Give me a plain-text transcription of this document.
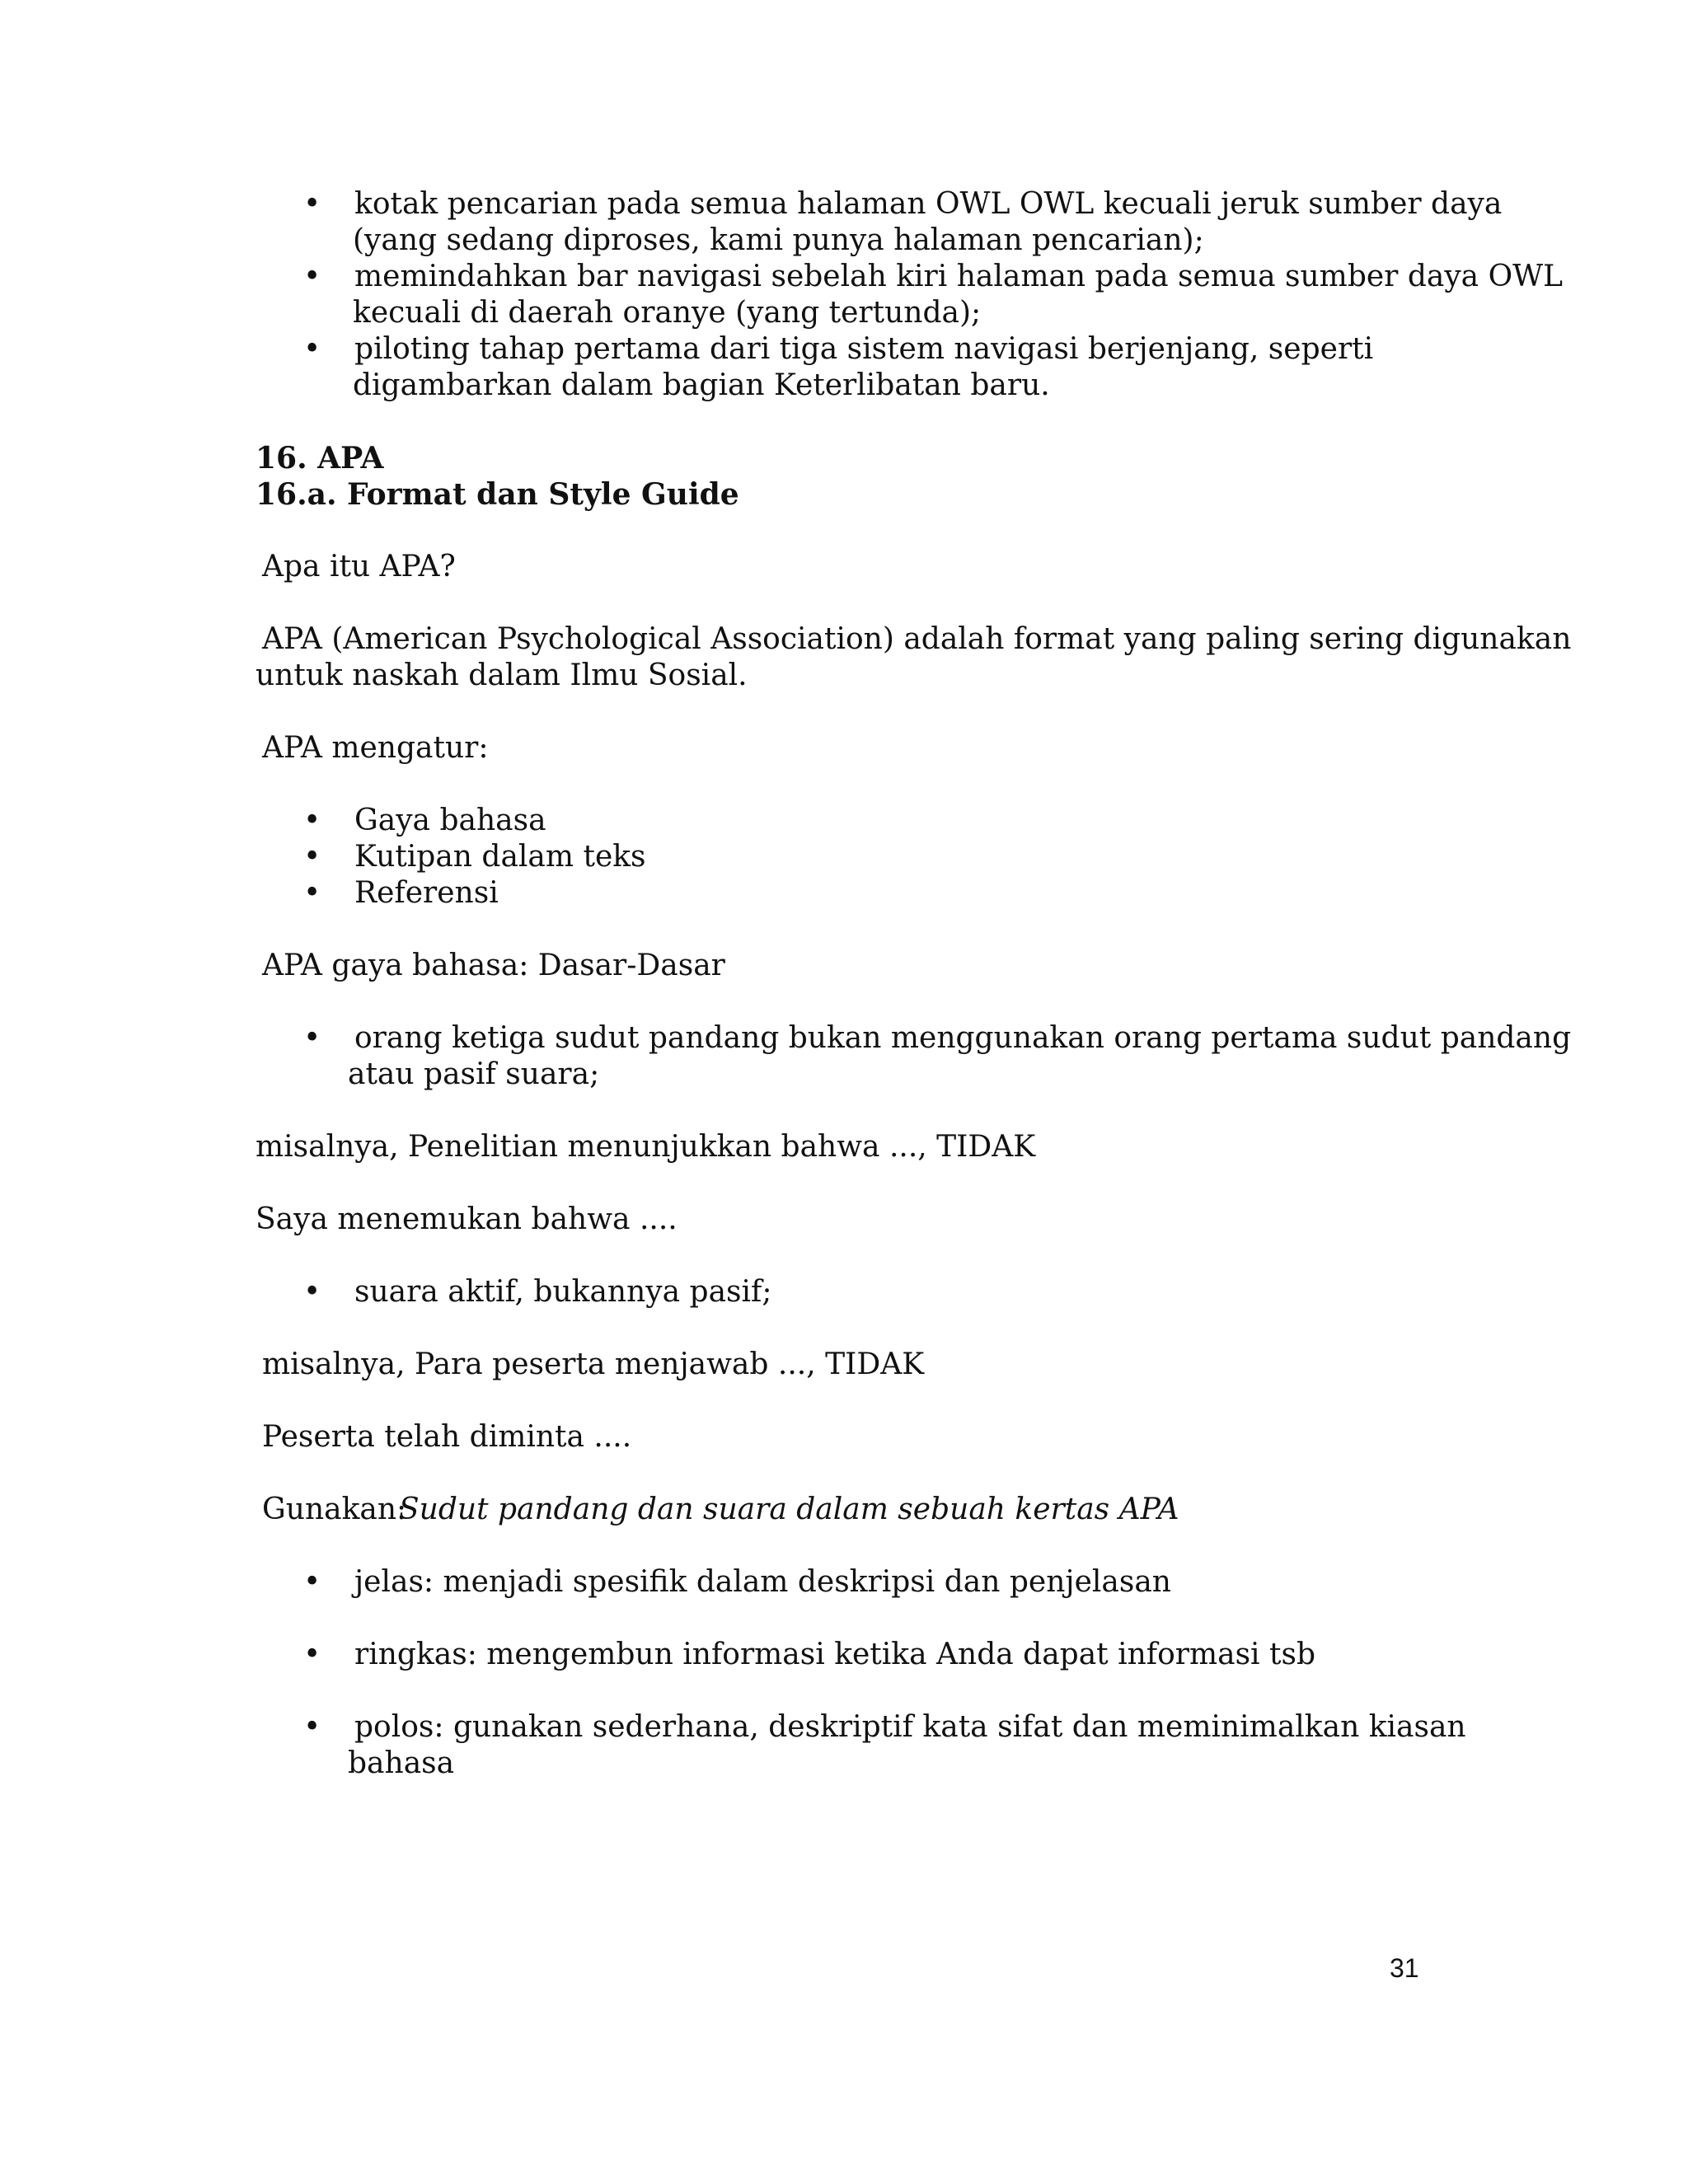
• kotak pencarian pada semua halaman OWL OWL kecuali jeruk sumber daya
(yang sedang diproses, kami punya halaman pencarian);
• memindahkan bar navigasi sebelah kiri halaman pada semua sumber daya OWL
kecuali di daerah oranye (yang tertunda);
• piloting tahap pertama dari tiga sistem navigasi berjenjang, seperti
digambarkan dalam bagian Keterlibatan baru.
16. APA
16.a. Format dan Style Guide
Apa itu APA?
APA (American Psychological Association) adalah format yang paling sering digunakan
untuk naskah dalam Ilmu Sosial.
APA mengatur:
• Gaya bahasa
• Kutipan dalam teks
• Referensi
APA gaya bahasa: Dasar-Dasar
• orang ketiga sudut pandang bukan menggunakan orang pertama sudut pandang
atau pasif suara;
misalnya, Penelitian menunjukkan bahwa ..., TIDAK
Saya menemukan bahwa ....
• suara aktif, bukannya pasif;
misalnya, Para peserta menjawab ..., TIDAK
Peserta telah diminta ....
Gunakan:
Sudut pandang dan suara dalam sebuah kertas APA
• jelas: menjadi spesifik dalam deskripsi dan penjelasan
• ringkas: mengembun informasi ketika Anda dapat informasi tsb
• polos: gunakan sederhana, deskriptif kata sifat dan meminimalkan kiasan
bahasa
31
